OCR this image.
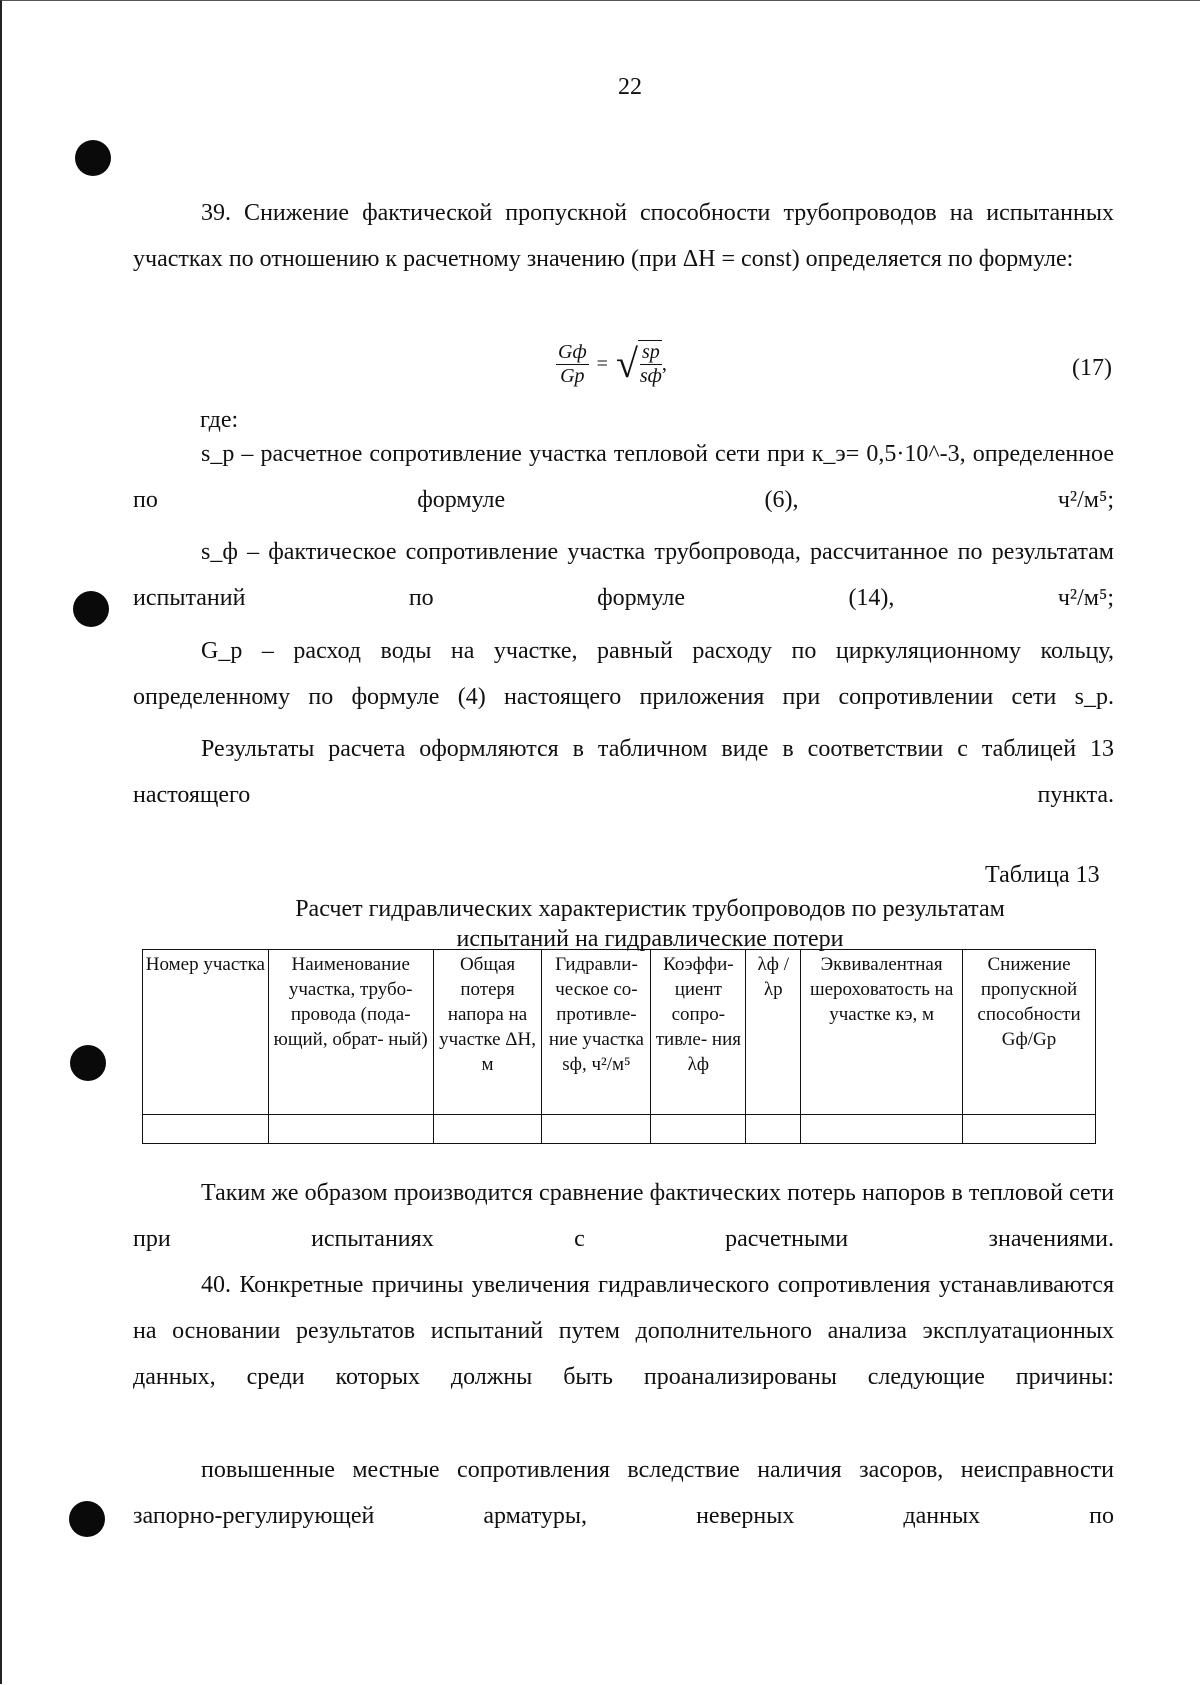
22

39. Снижение фактической пропускной способности трубопроводов на испытанных участках по отношению к расчетному значению (при ΔH = const) определяется по формуле:

$\frac{Gф}{Gp}$ = √ $\frac{sp}{sф}$ ,	(17)

где:

s_p – расчетное сопротивление участка тепловой сети при к_э= 0,5·10^-3, определенное по формуле (6), ч²/м⁵;

s_ф – фактическое сопротивление участка трубопровода, рассчитанное по результатам испытаний по формуле (14), ч²/м⁵;

G_p – расход воды на участке, равный расходу по циркуляционному кольцу, определенному по формуле (4) настоящего приложения при сопротивлении сети s_p.

Результаты расчета оформляются в табличном виде в соответствии с таблицей 13 настоящего пункта.

Таблица 13
Расчет гидравлических характеристик трубопроводов по результатам
испытаний на гидравлические потери
Номер участка	Наименование участка, трубо- провода (пода- ющий, обрат- ный)	Общая потеря напора на участке ΔH, м	Гидравли- ческое со- противле- ние участка sф, ч²/м⁵	Коэффи- циент сопро- тивле- ния λф	λф / λр	Эквивалентная шероховатость на участке кэ, м	Снижение пропускной способности Gф/Gр

Таким же образом производится сравнение фактических потерь напоров в тепловой сети при испытаниях с расчетными значениями.

40. Конкретные причины увеличения гидравлического сопротивления устанавливаются на основании результатов испытаний путем дополнительного анализа эксплуатационных данных, среди которых должны быть проанализированы следующие причины:

повышенные местные сопротивления вследствие наличия засоров, неисправности запорно-регулирующей арматуры, неверных данных по
